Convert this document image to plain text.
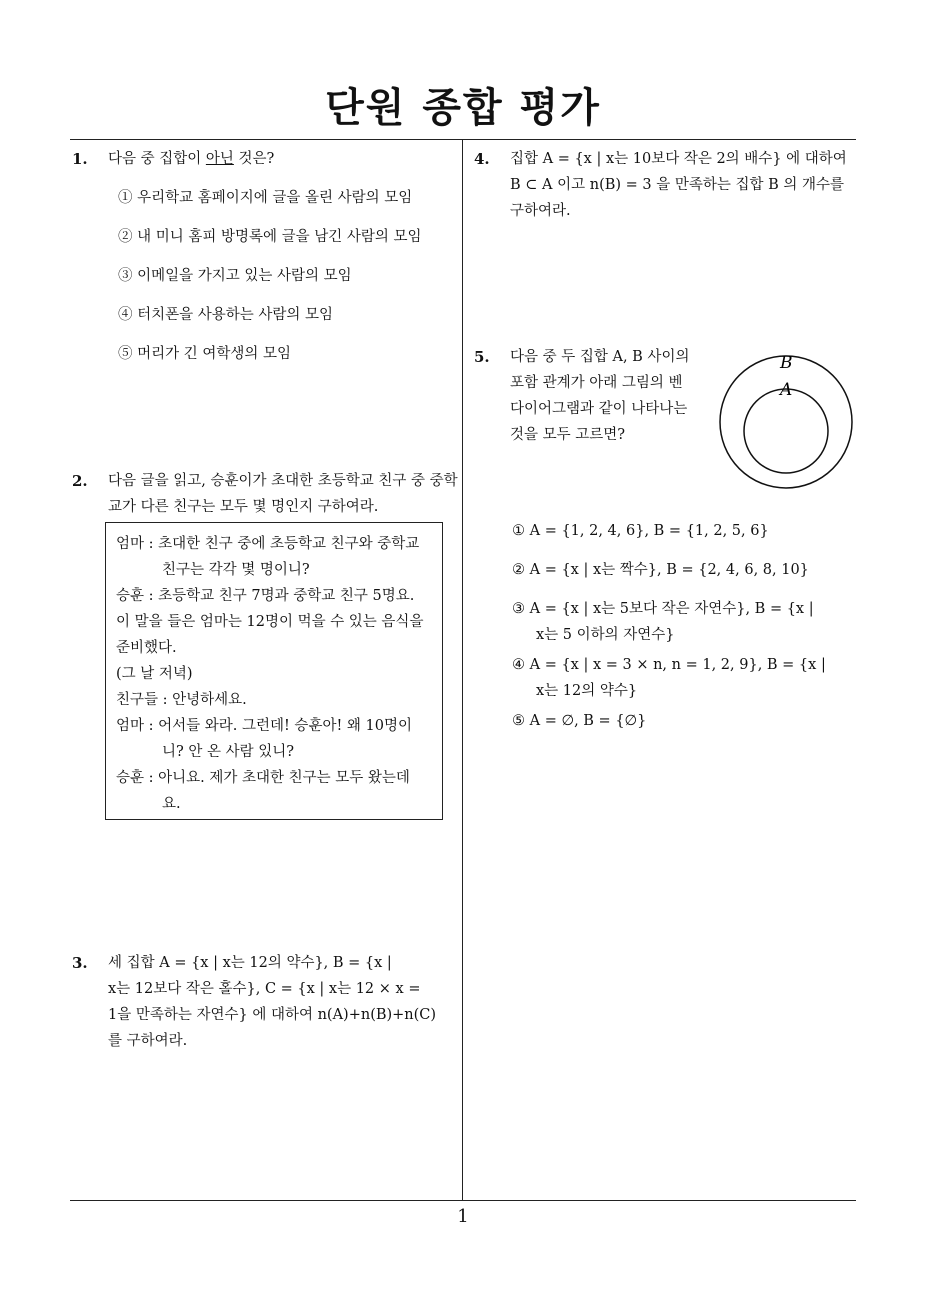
단원 종합 평가
1. 다음 중 집합이 아닌 것은?
① 우리학교 홈페이지에 글을 올린 사람의 모임
② 내 미니 홈피 방명록에 글을 남긴 사람의 모임
③ 이메일을 가지고 있는 사람의 모임
④ 터치폰을 사용하는 사람의 모임
⑤ 머리가 긴 여학생의 모임
2. 다음 글을 읽고, 승훈이가 초대한 초등학교 친구 중 중학교가 다른 친구는 모두 몇 명인지 구하여라.
엄마 : 초대한 친구 중에 초등학교 친구와 중학교
친구는 각각 몇 명이니?
승훈 : 초등학교 친구 7명과 중학교 친구 5명요.
이 말을 들은 엄마는 12명이 먹을 수 있는 음식을
준비했다.
(그 날 저녁)
친구들 : 안녕하세요.
엄마 : 어서들 와라. 그런데! 승훈아! 왜 10명이
니? 안 온 사람 있니?
승훈 : 아니요. 제가 초대한 친구는 모두 왔는데
요.
3. 세 집합 A = {x | x는 12의 약수}, B = {x |
x는 12보다 작은 홀수}, C = {x | x는 12 × x =
1을 만족하는 자연수} 에 대하여 n(A)+n(B)+n(C)
를 구하여라.
4. 집합 A = {x | x는 10보다 작은 2의 배수} 에 대하여
B ⊂ A 이고 n(B) = 3 을 만족하는 집합 B 의 개수를
구하여라.
5. 다음 중 두 집합 A, B 사이의
포함 관계가 아래 그림의 벤
다이어그램과 같이 나타나는
것을 모두 고르면?
B
A
① A = {1, 2, 4, 6}, B = {1, 2, 5, 6}
② A = {x | x는 짝수}, B = {2, 4, 6, 8, 10}
③ A = {x | x는 5보다 작은 자연수}, B = {x |
x는 5 이하의 자연수}
④ A = {x | x = 3 × n, n = 1, 2, 9}, B = {x |
x는 12의 약수}
⑤ A = ∅, B = {∅}
1
